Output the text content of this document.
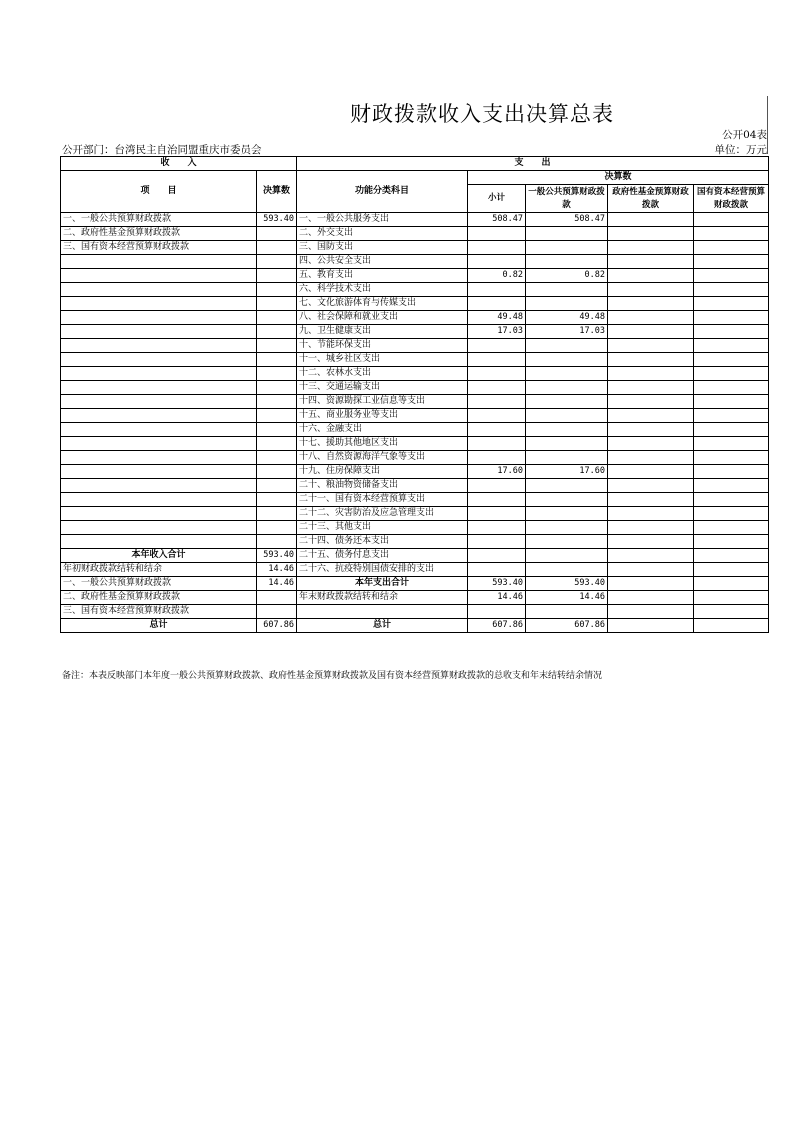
财政拨款收入支出决算总表
公开04表
公开部门：台湾民主自治同盟重庆市委员会	单位：万元
收　　入		支　　出				
项　　目	决算数	功能分类科目	决算数			
			小计	一般公共预算财政拨款	政府性基金预算财政拨款	国有资本经营预算财政拨款
一、一般公共预算财政拨款	593.40	一、一般公共服务支出	508.47	508.47		
二、政府性基金预算财政拨款		二、外交支出				
三、国有资本经营预算财政拨款		三、国防支出				
		四、公共安全支出				
		五、教育支出	0.82	0.82		
		六、科学技术支出				
		七、文化旅游体育与传媒支出				
		八、社会保障和就业支出	49.48	49.48		
		九、卫生健康支出	17.03	17.03		
		十、节能环保支出				
		十一、城乡社区支出				
		十二、农林水支出				
		十三、交通运输支出				
		十四、资源勘探工业信息等支出				
		十五、商业服务业等支出				
		十六、金融支出				
		十七、援助其他地区支出				
		十八、自然资源海洋气象等支出				
		十九、住房保障支出	17.60	17.60		
		二十、粮油物资储备支出				
		二十一、国有资本经营预算支出				
		二十二、灾害防治及应急管理支出				
		二十三、其他支出				
		二十四、债务还本支出				
本年收入合计	593.40	二十五、债务付息支出				
年初财政拨款结转和结余	14.46	二十六、抗疫特别国债安排的支出				
一、一般公共预算财政拨款	14.46	本年支出合计	593.40	593.40		
二、政府性基金预算财政拨款		年末财政拨款结转和结余	14.46	14.46		
三、国有资本经营预算财政拨款						
总计	607.86	总计	607.86	607.86		
备注：本表反映部门本年度一般公共预算财政拨款、政府性基金预算财政拨款及国有资本经营预算财政拨款的总收支和年末结转结余情况
